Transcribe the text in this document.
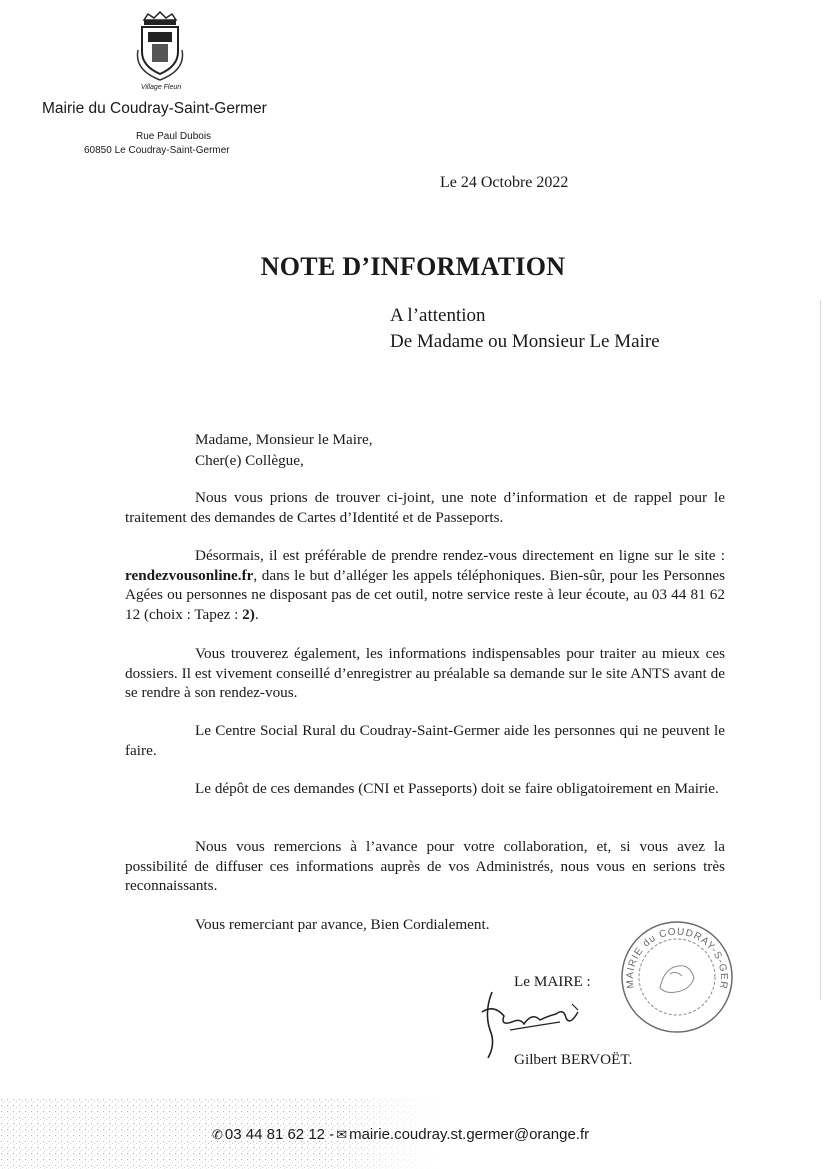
Village Fleuri
Mairie du Coudray-Saint-Germer
Rue Paul Dubois
60850 Le Coudray-Saint-Germer
Le 24 Octobre 2022
NOTE D’INFORMATION
A l’attention
De Madame ou Monsieur Le Maire
Madame, Monsieur le Maire,
Cher(e) Collègue,

Nous vous prions de trouver ci-joint, une note d’information et de rappel pour le traitement des demandes de Cartes d’Identité et de Passeports.

Désormais, il est préférable de prendre rendez-vous directement en ligne sur le site : rendezvousonline.fr, dans le but d’alléger les appels téléphoniques. Bien-sûr, pour les Personnes Agées ou personnes ne disposant pas de cet outil, notre service reste à leur écoute, au 03 44 81 62 12 (choix : Tapez : 2).

Vous trouverez également, les informations indispensables pour traiter au mieux ces dossiers. Il est vivement conseillé d’enregistrer au préalable sa demande sur le site ANTS avant de se rendre à son rendez-vous.

Le Centre Social Rural du Coudray-Saint-Germer aide les personnes qui ne peuvent le faire.

Le dépôt de ces demandes (CNI et Passeports) doit se faire obligatoirement en Mairie.

Nous vous remercions à l’avance pour votre collaboration, et, si vous avez la possibilité de diffuser ces informations auprès de vos Administrés, nous vous en serions très reconnaissants.

Vous remerciant par avance, Bien Cordialement.

Le MAIRE :
Gilbert BERVOËT.
MAIRIE du COUDRAY-S-GER
✆ 03 44 81 62 12 - ✉ mairie.coudray.st.germer@orange.fr
